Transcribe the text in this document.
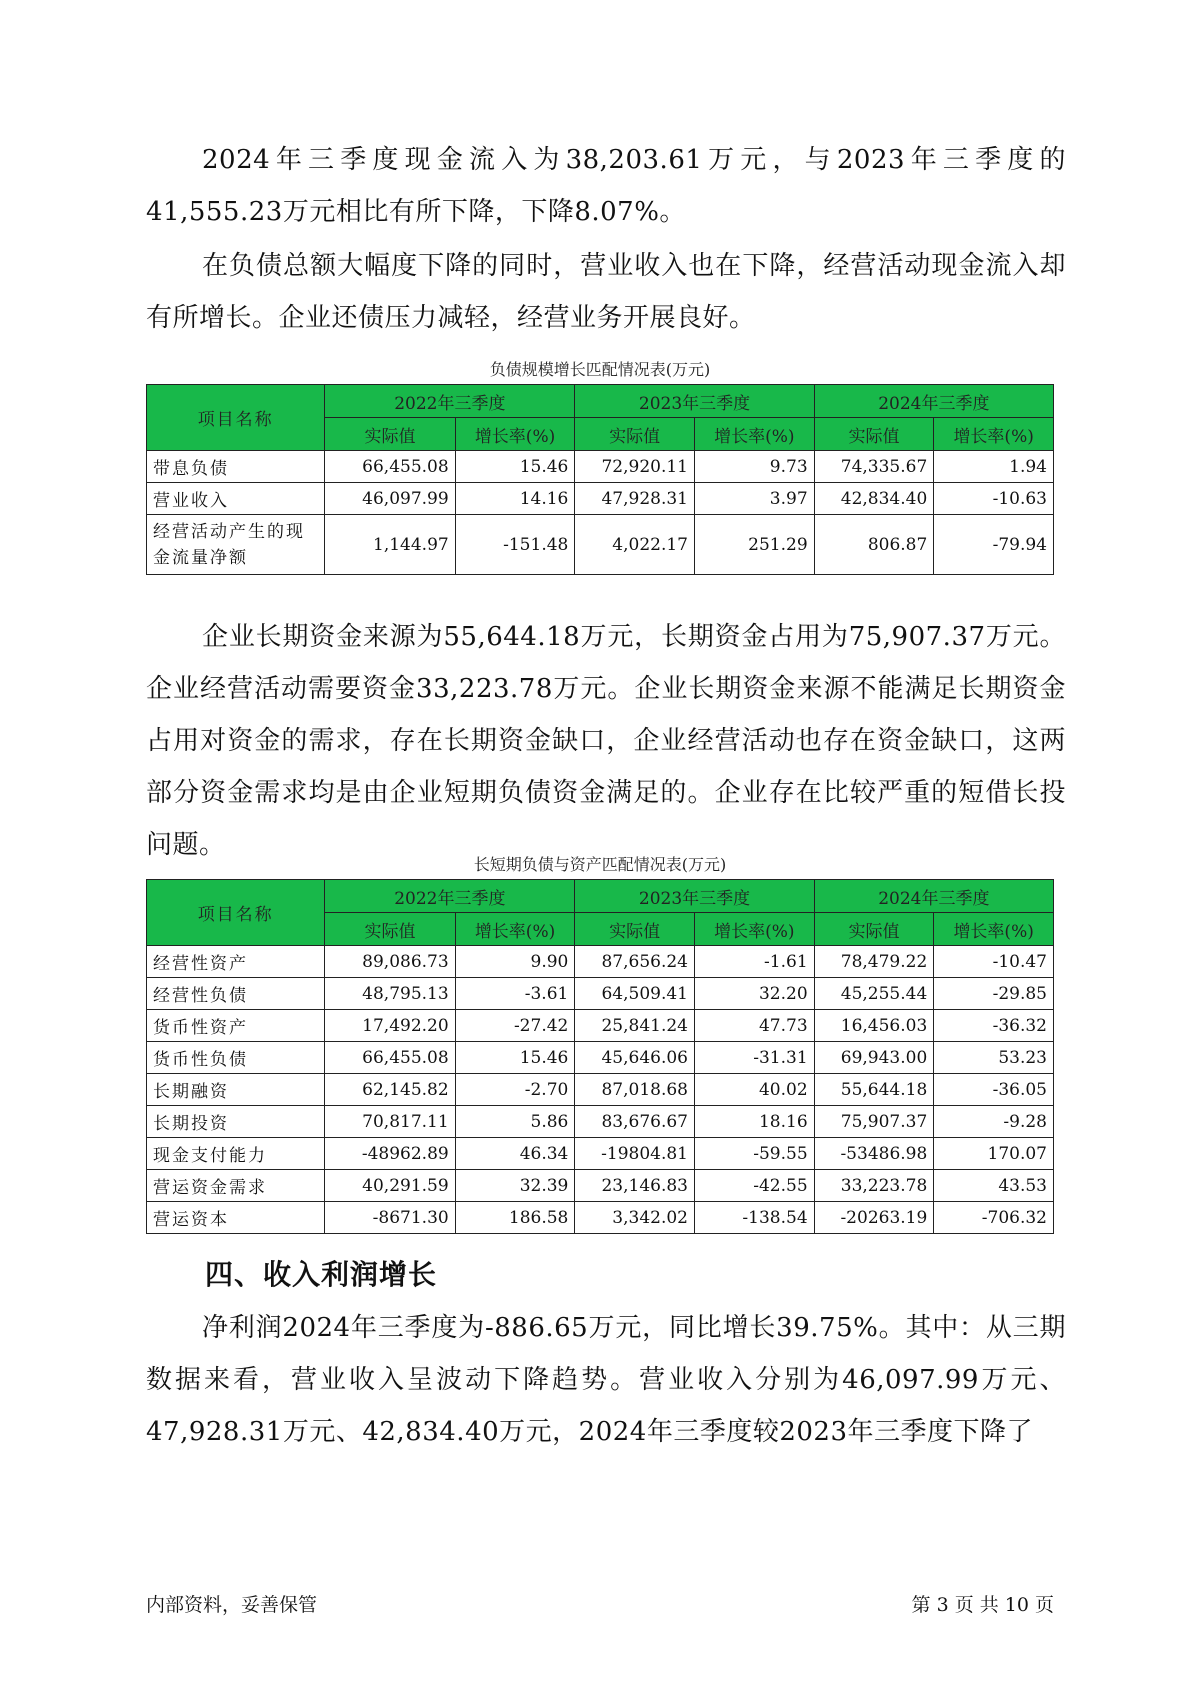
2024年三季度现金流入为38,203.61万元，与2023年三季度的41,555.23万元相比有所下降，下降8.07%。

在负债总额大幅度下降的同时，营业收入也在下降，经营活动现金流入却有所增长。企业还债压力减轻，经营业务开展良好。

负债规模增长匹配情况表(万元)

项目名称	2022年三季度		2023年三季度		2024年三季度	
	实际值	增长率(%)	实际值	增长率(%)	实际值	增长率(%)
带息负债	66,455.08	15.46	72,920.11	9.73	74,335.67	1.94
营业收入	46,097.99	14.16	47,928.31	3.97	42,834.40	-10.63
经营活动产生的现金流量净额	1,144.97	-151.48	4,022.17	251.29	806.87	-79.94

企业长期资金来源为55,644.18万元，长期资金占用为75,907.37万元。企业经营活动需要资金33,223.78万元。企业长期资金来源不能满足长期资金占用对资金的需求，存在长期资金缺口，企业经营活动也存在资金缺口，这两部分资金需求均是由企业短期负债资金满足的。企业存在比较严重的短借长投问题。

长短期负债与资产匹配情况表(万元)

项目名称	2022年三季度		2023年三季度		2024年三季度	
	实际值	增长率(%)	实际值	增长率(%)	实际值	增长率(%)
经营性资产	89,086.73	9.90	87,656.24	-1.61	78,479.22	-10.47
经营性负债	48,795.13	-3.61	64,509.41	32.20	45,255.44	-29.85
货币性资产	17,492.20	-27.42	25,841.24	47.73	16,456.03	-36.32
货币性负债	66,455.08	15.46	45,646.06	-31.31	69,943.00	53.23
长期融资	62,145.82	-2.70	87,018.68	40.02	55,644.18	-36.05
长期投资	70,817.11	5.86	83,676.67	18.16	75,907.37	-9.28
现金支付能力	-48962.89	46.34	-19804.81	-59.55	-53486.98	170.07
营运资金需求	40,291.59	32.39	23,146.83	-42.55	33,223.78	43.53
营运资本	-8671.30	186.58	3,342.02	-138.54	-20263.19	-706.32
四、收入利润增长

净利润2024年三季度为-886.65万元，同比增长39.75%。其中：从三期数据来看，营业收入呈波动下降趋势。营业收入分别为46,097.99万元、47,928.31万元、42,834.40万元，2024年三季度较2023年三季度下降了

内部资料，妥善保管	第 3 页 共 10 页
